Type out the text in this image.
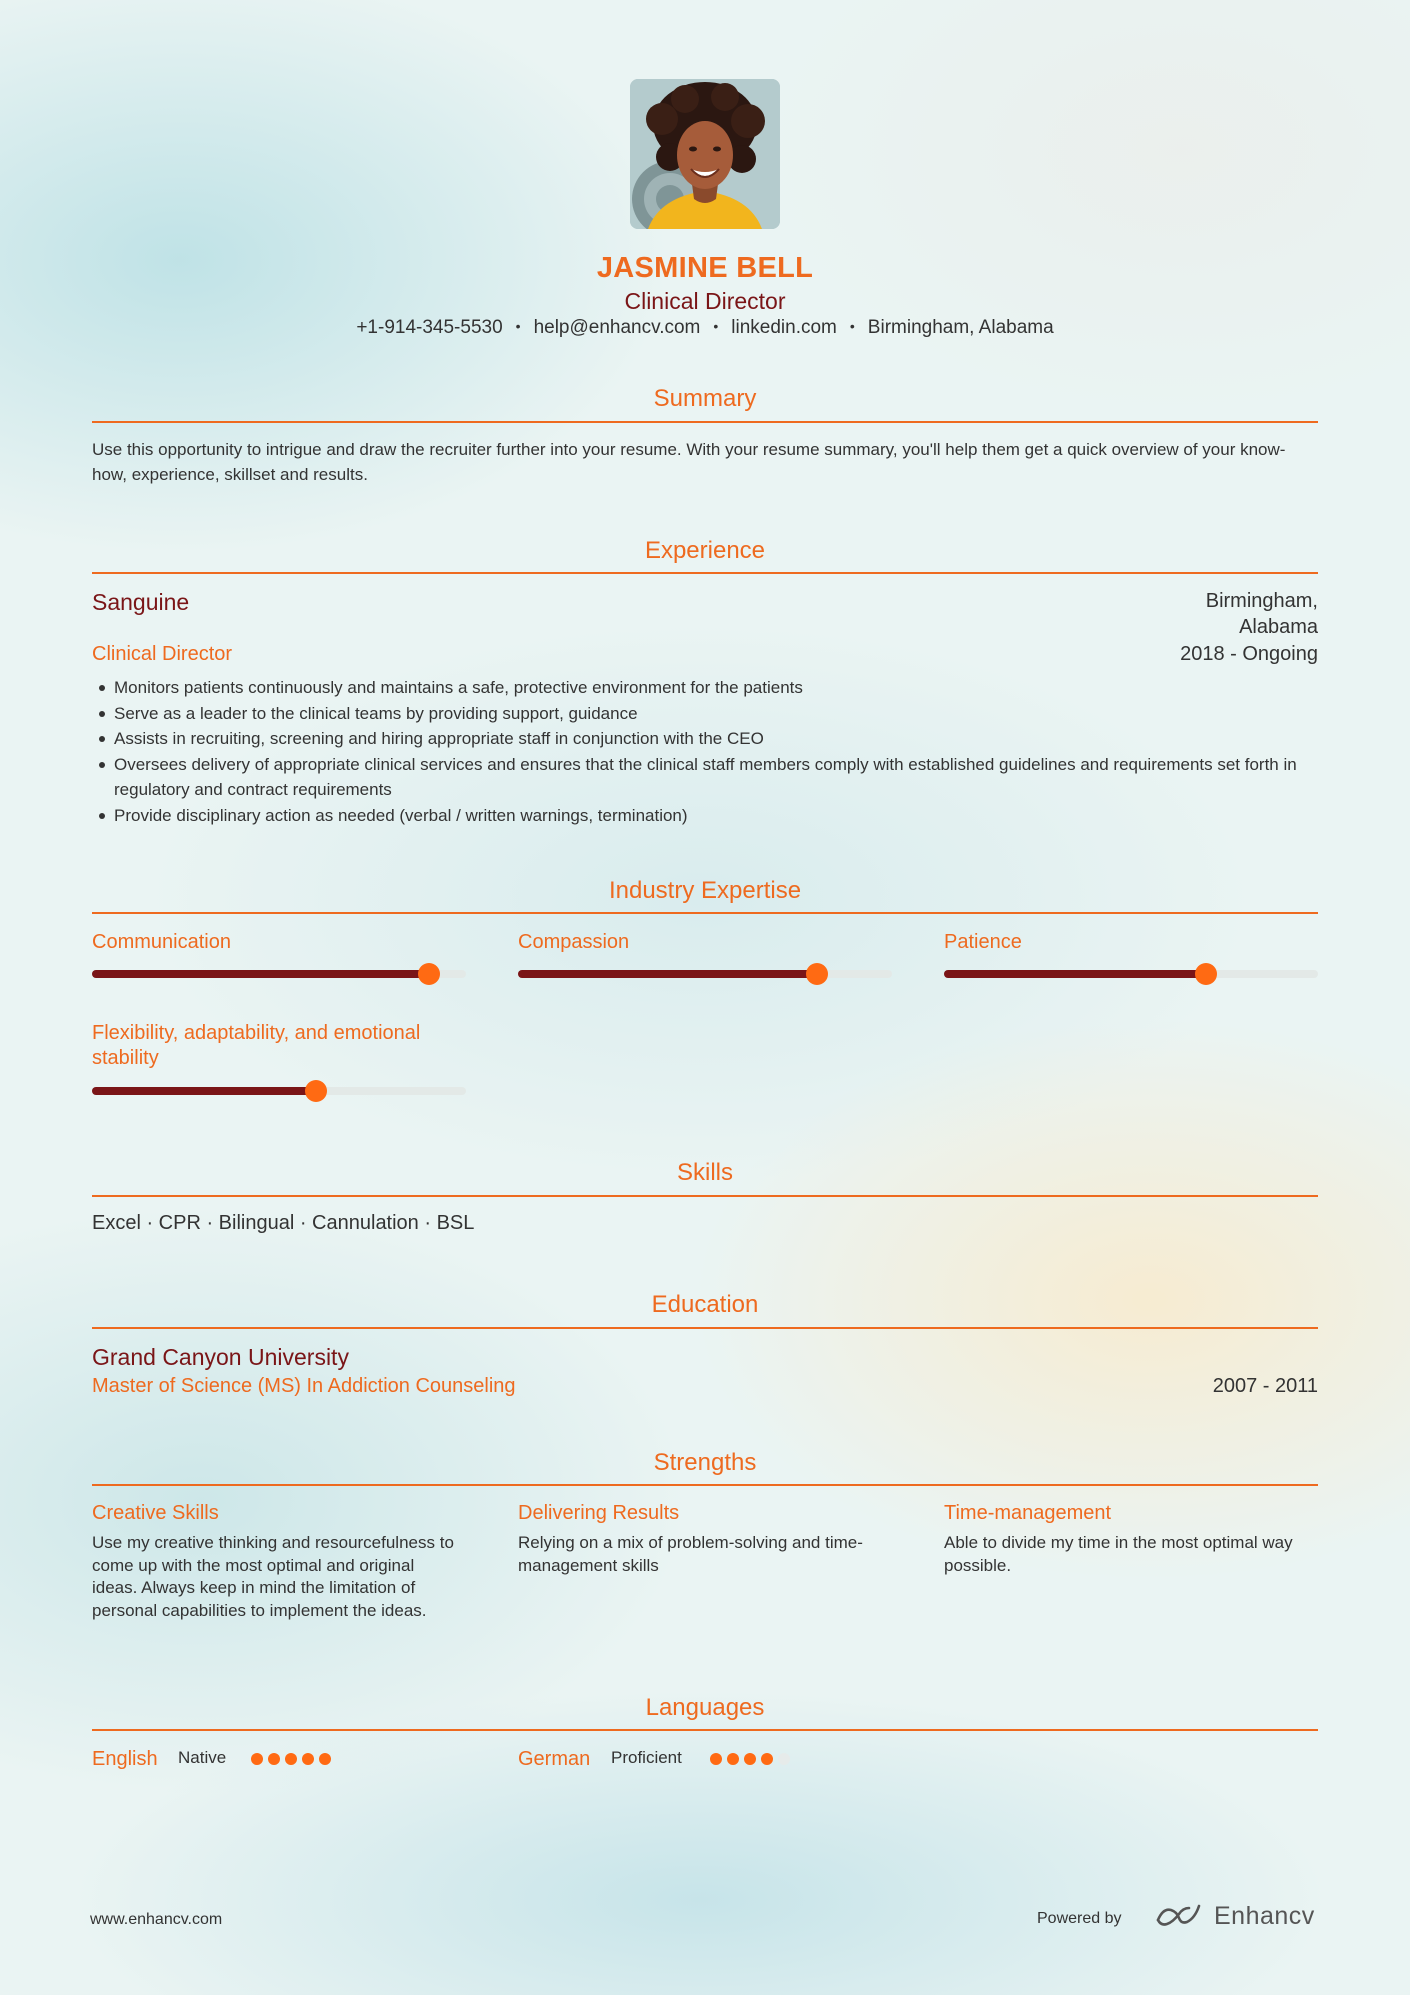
JASMINE BELL
Clinical Director
+1-914-345-5530 • help@enhancv.com • linkedin.com • Birmingham, Alabama
Summary
Use this opportunity to intrigue and draw the recruiter further into your resume. With your resume summary, you'll help them get a quick overview of your know-how, experience, skillset and results.
Experience
Sanguine	Birmingham,
Alabama
Clinical Director	2018 - Ongoing
Monitors patients continuously and maintains a safe, protective environment for the patients
Serve as a leader to the clinical teams by providing support, guidance
Assists in recruiting, screening and hiring appropriate staff in conjunction with the CEO
Oversees delivery of appropriate clinical services and ensures that the clinical staff members comply with established guidelines and requirements set forth in regulatory and contract requirements
Provide disciplinary action as needed (verbal / written warnings, termination)
Industry Expertise
Communication	Compassion	Patience
Flexibility, adaptability, and emotional stability
Skills
Excel · CPR · Bilingual · Cannulation · BSL
Education
Grand Canyon University
Master of Science (MS) In Addiction Counseling	2007 - 2011
Strengths
Creative Skills
Use my creative thinking and resourcefulness to come up with the most optimal and original ideas. Always keep in mind the limitation of personal capabilities to implement the ideas.
Delivering Results
Relying on a mix of problem-solving and time-management skills
Time-management
Able to divide my time in the most optimal way possible.
Languages
English Native	German Proficient
www.enhancv.com	Powered by	Enhancv
